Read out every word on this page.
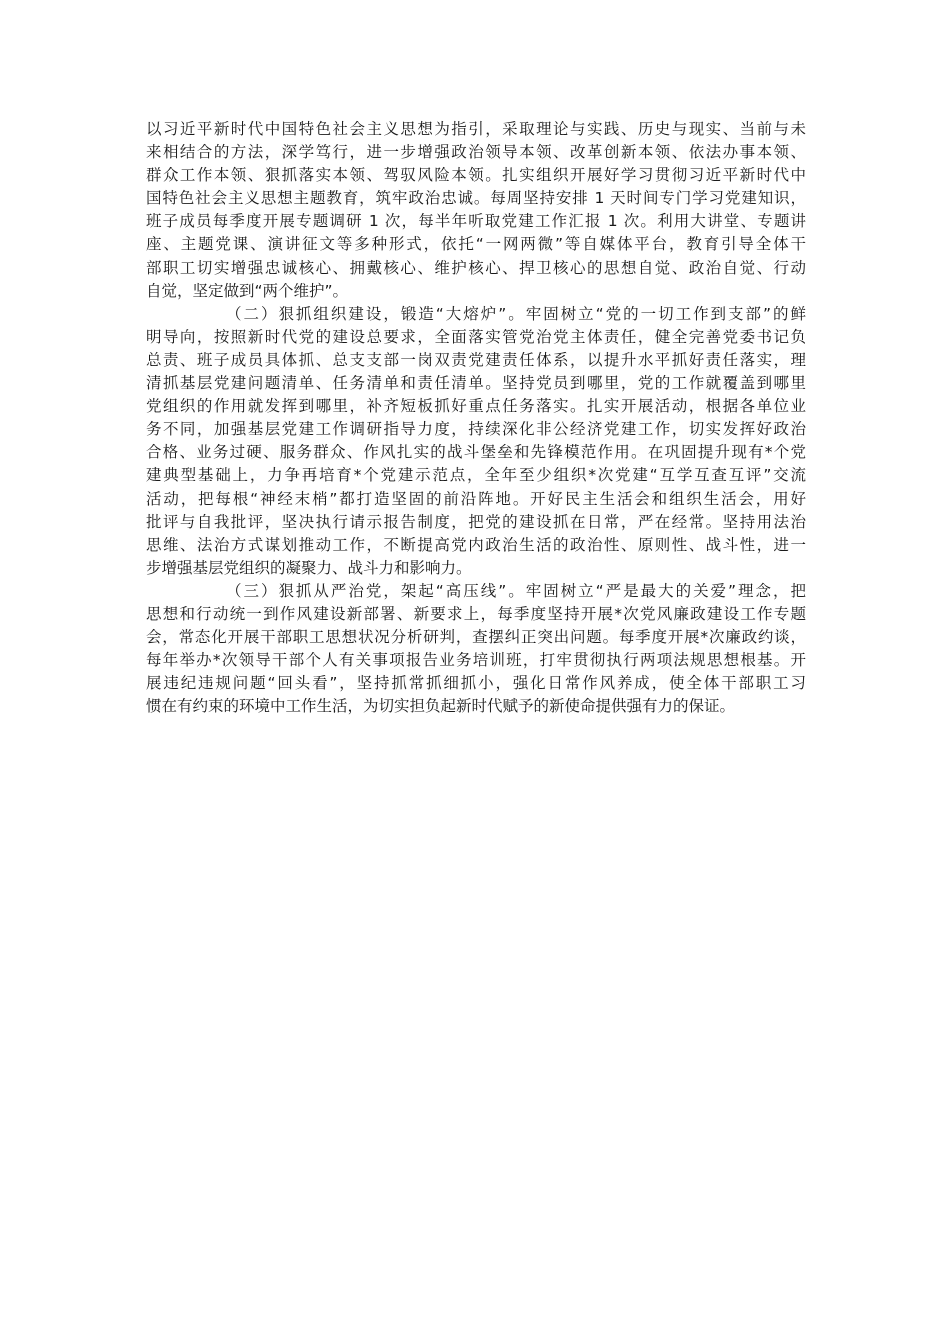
以习近平新时代中国特色社会主义思想为指引，采取理论与实践、历史与现实、当前与未
来相结合的方法，深学笃行，进一步增强政治领导本领、改革创新本领、依法办事本领、
群众工作本领、狠抓落实本领、驾驭风险本领。扎实组织开展好学习贯彻习近平新时代中
国特色社会主义思想主题教育，筑牢政治忠诚。每周坚持安排 1 天时间专门学习党建知识，
班子成员每季度开展专题调研 1 次，每半年听取党建工作汇报 1 次。利用大讲堂、专题讲
座、主题党课、演讲征文等多种形式，依托“一网两微”等自媒体平台，教育引导全体干
部职工切实增强忠诚核心、拥戴核心、维护核心、捍卫核心的思想自觉、政治自觉、行动
自觉，坚定做到“两个维护”。
（二）狠抓组织建设，锻造“大熔炉”。牢固树立“党的一切工作到支部”的鲜
明导向，按照新时代党的建设总要求，全面落实管党治党主体责任，健全完善党委书记负
总责、班子成员具体抓、总支支部一岗双责党建责任体系，以提升水平抓好责任落实，理
清抓基层党建问题清单、任务清单和责任清单。坚持党员到哪里，党的工作就覆盖到哪里
党组织的作用就发挥到哪里，补齐短板抓好重点任务落实。扎实开展活动，根据各单位业
务不同，加强基层党建工作调研指导力度，持续深化非公经济党建工作，切实发挥好政治
合格、业务过硬、服务群众、作风扎实的战斗堡垒和先锋模范作用。在巩固提升现有*个党
建典型基础上，力争再培育*个党建示范点，全年至少组织*次党建“互学互查互评”交流
活动，把每根“神经末梢”都打造坚固的前沿阵地。开好民主生活会和组织生活会，用好
批评与自我批评，坚决执行请示报告制度，把党的建设抓在日常，严在经常。坚持用法治
思维、法治方式谋划推动工作，不断提高党内政治生活的政治性、原则性、战斗性，进一
步增强基层党组织的凝聚力、战斗力和影响力。
（三）狠抓从严治党，架起“高压线”。牢固树立“严是最大的关爱”理念，把
思想和行动统一到作风建设新部署、新要求上，每季度坚持开展*次党风廉政建设工作专题
会，常态化开展干部职工思想状况分析研判，查摆纠正突出问题。每季度开展*次廉政约谈，
每年举办*次领导干部个人有关事项报告业务培训班，打牢贯彻执行两项法规思想根基。开
展违纪违规问题“回头看”，坚持抓常抓细抓小，强化日常作风养成，使全体干部职工习
惯在有约束的环境中工作生活，为切实担负起新时代赋予的新使命提供强有力的保证。
